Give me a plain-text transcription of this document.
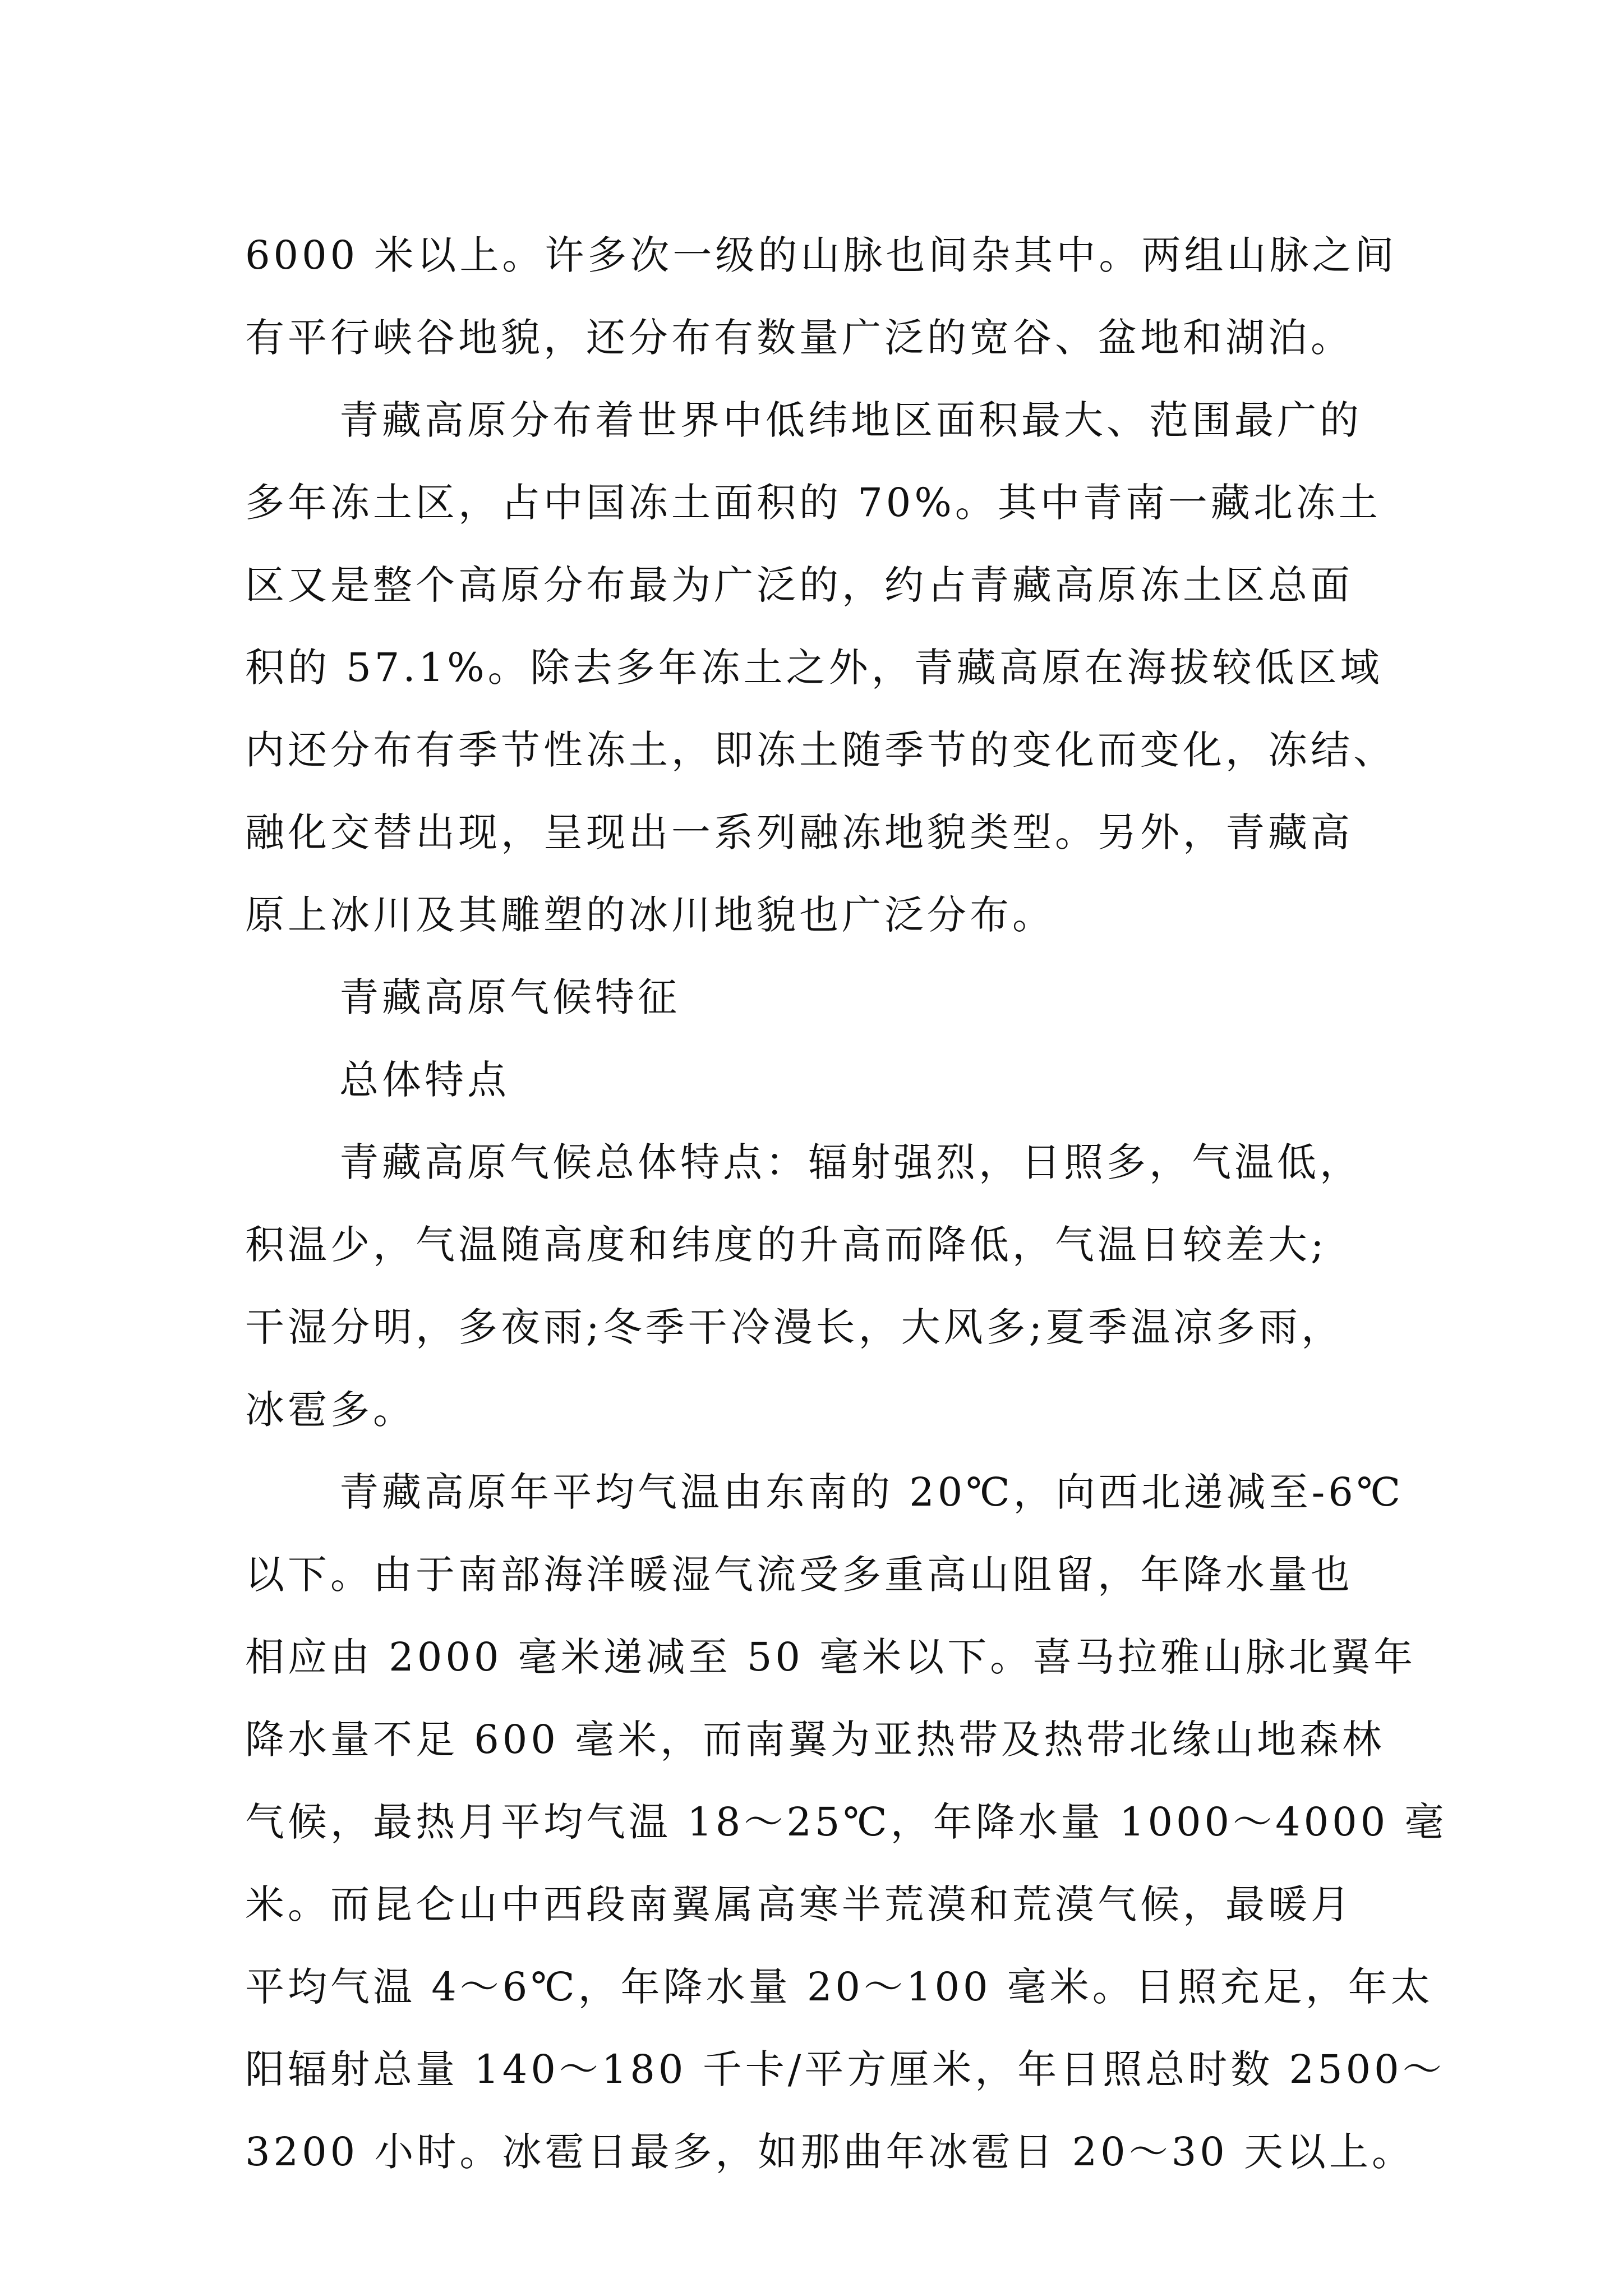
6000 米以上。许多次一级的山脉也间杂其中。两组山脉之间
有平行峡谷地貌，还分布有数量广泛的宽谷、盆地和湖泊。
青藏高原分布着世界中低纬地区面积最大、范围最广的
多年冻土区，占中国冻土面积的 70%。其中青南一藏北冻土
区又是整个高原分布最为广泛的，约占青藏高原冻土区总面
积的 57.1%。除去多年冻土之外，青藏高原在海拔较低区域
内还分布有季节性冻土，即冻土随季节的变化而变化，冻结、
融化交替出现，呈现出一系列融冻地貌类型。另外，青藏高
原上冰川及其雕塑的冰川地貌也广泛分布。
青藏高原气候特征
总体特点
青藏高原气候总体特点：辐射强烈，日照多，气温低，
积温少，气温随高度和纬度的升高而降低，气温日较差大;
干湿分明，多夜雨;冬季干冷漫长，大风多;夏季温凉多雨，
冰雹多。
青藏高原年平均气温由东南的 20℃，向西北递减至-6℃
以下。由于南部海洋暖湿气流受多重高山阻留，年降水量也
相应由 2000 毫米递减至 50 毫米以下。喜马拉雅山脉北翼年
降水量不足 600 毫米，而南翼为亚热带及热带北缘山地森林
气候，最热月平均气温 18～25℃，年降水量 1000～4000 毫
米。而昆仑山中西段南翼属高寒半荒漠和荒漠气候，最暖月
平均气温 4～6℃，年降水量 20～100 毫米。日照充足，年太
阳辐射总量 140～180 千卡/平方厘米，年日照总时数 2500～
3200 小时。冰雹日最多，如那曲年冰雹日 20～30 天以上。
